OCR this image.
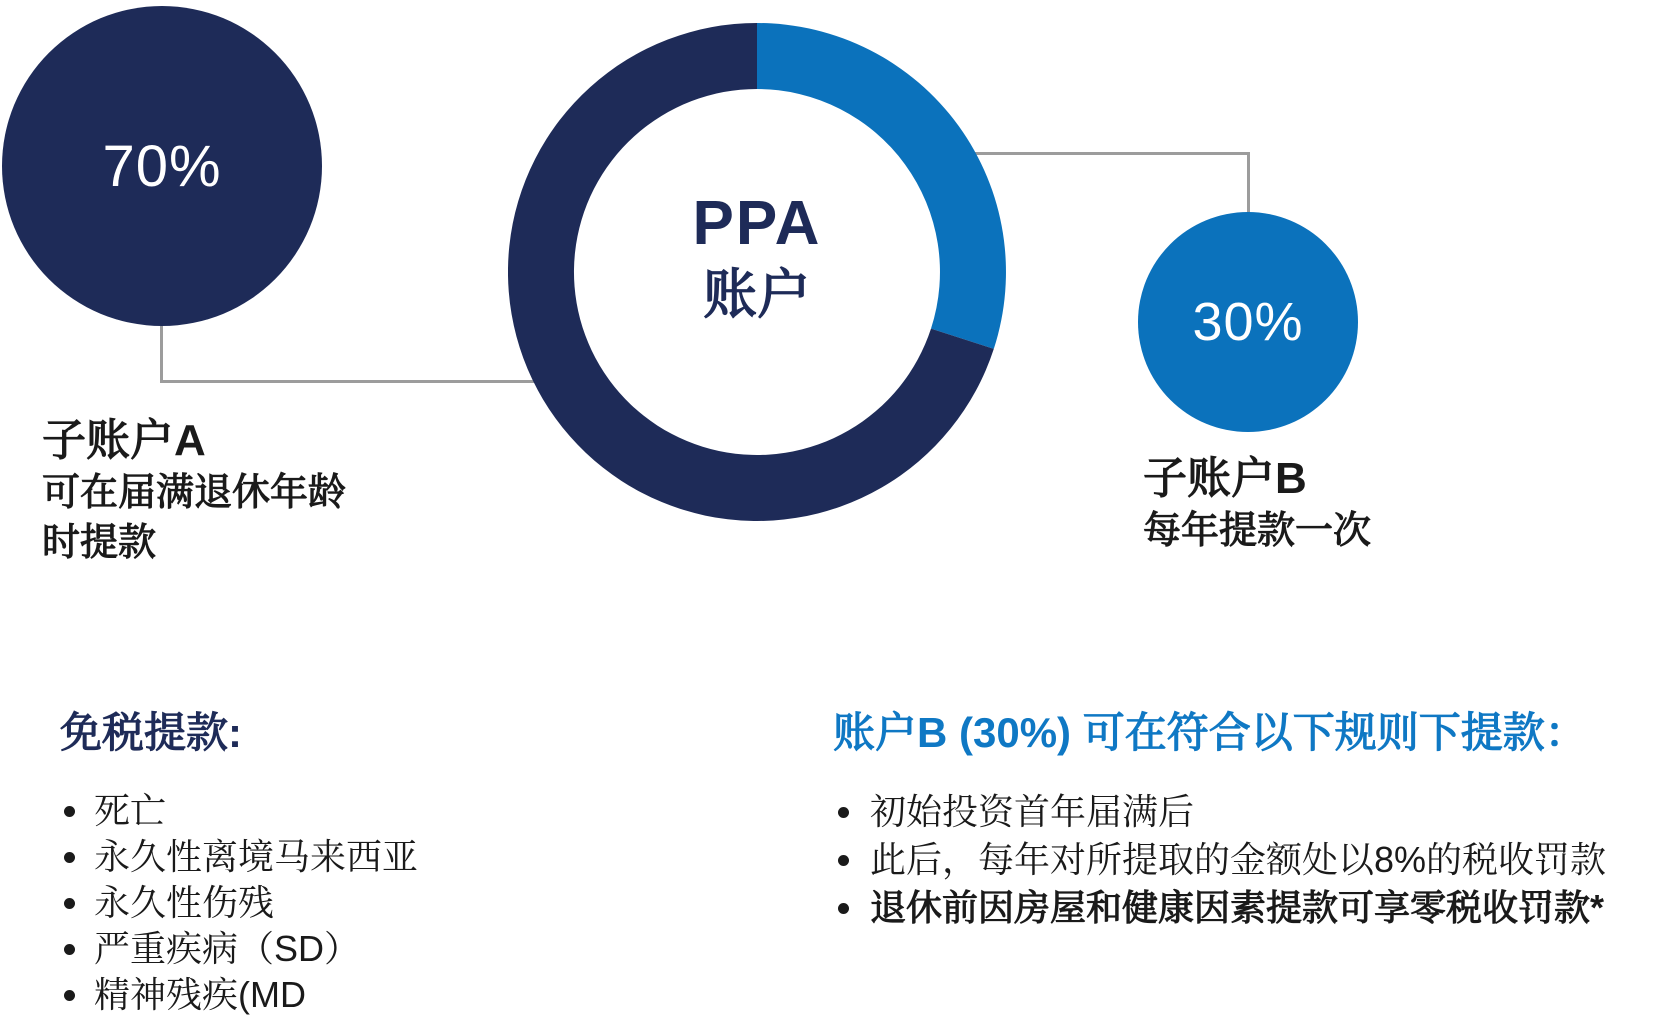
70%
PPA
账户	30%
子账户A
可在届满退休年龄
时提款
子账户B
每年提款一次
免税提款:
死亡
永久性离境马来西亚
永久性伤残
严重疾病（SD）
精神残疾(MD
账户B (30%) 可在符合以下规则下提款：
初始投资首年届满后
此后，每年对所提取的金额处以8%的税收罚款
退休前因房屋和健康因素提款可享零税收罚款*
